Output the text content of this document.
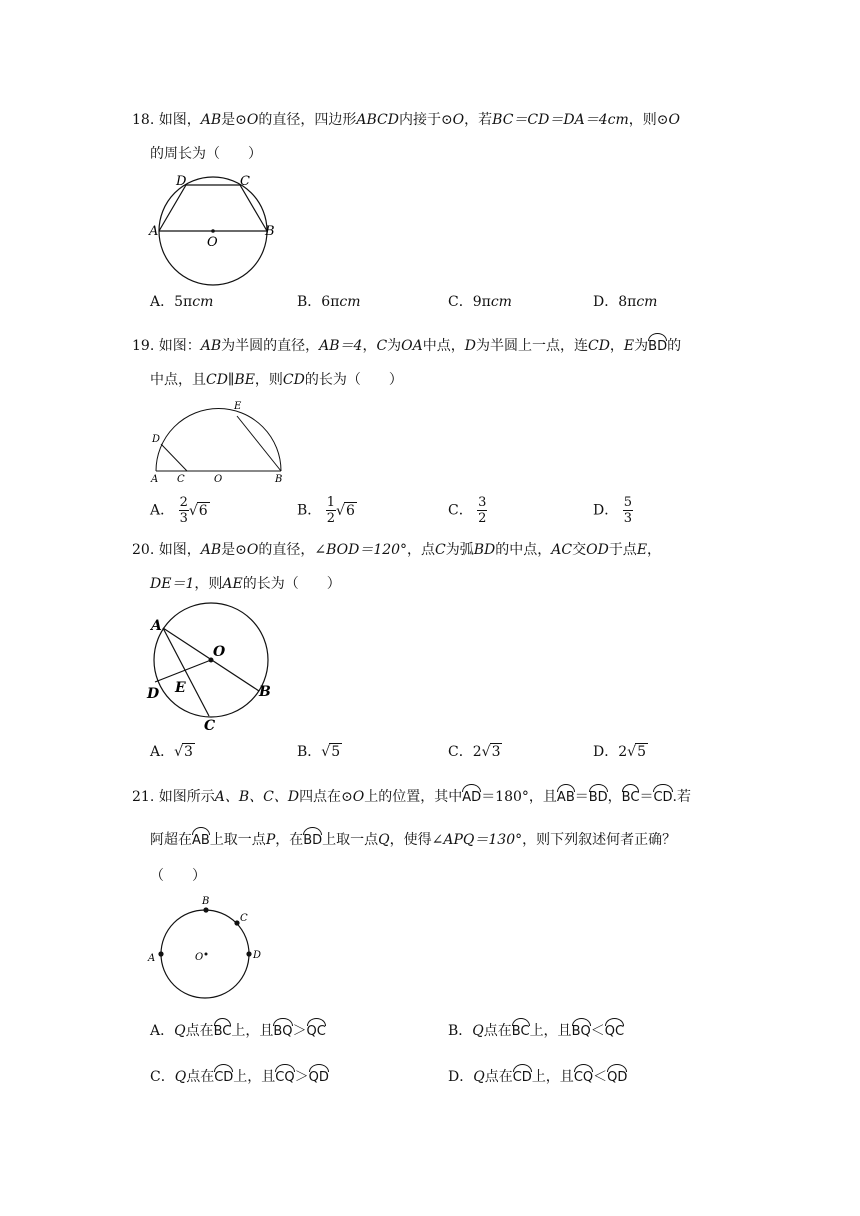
18. 如图，AB是⊙O的直径，四边形ABCD内接于⊙O，若BC＝CD＝DA＝4cm，则⊙O
的周长为（　　）
D	C
A
O
B
A．5πcm	B．6πcm	C．9πcm	D．8πcm
19. 如图：AB为半圆的直径，AB＝4，C为OA中点，D为半圆上一点，连CD，E为BD的
中点，且CD∥BE，则CD的长为（　　）
D
E
A C	O	B
A． $\frac{2}{3} √6$	B． $\frac{1}{2} √6$	C． $\frac{3}{2}$	D． $\frac{5}{3}$
20. 如图，AB是⊙O的直径，∠BOD＝120°，点C为弧BD的中点，AC交OD于点E，
DE＝1，则AE的长为（　　）
A
O
D E	B
C
A．√3	B．√5	C．2√3	D．2√5
21. 如图所示A、B、C、D四点在⊙O上的位置，其中AD＝180°，且AB＝BD，BC＝CD.若
阿超在AB上取一点P，在BD上取一点Q，使得∠APQ＝130°，则下列叙述何者正确？
（　　）
A
B
C
D
O
A．Q点在BC上，且BQ＞QC	B．Q点在BC上，且BQ＜QC
C．Q点在CD上，且CQ＞QD	D．Q点在CD上，且CQ＜QD
